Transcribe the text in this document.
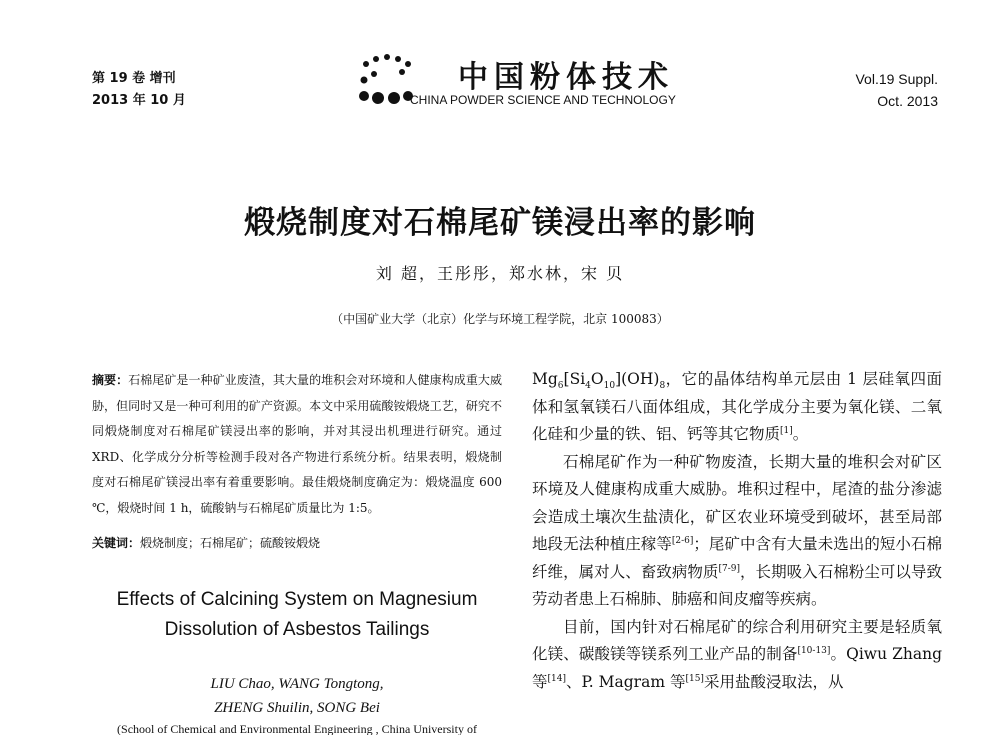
第 19 卷 增刊
2013 年 10 月
中国粉体技术
CHINA POWDER SCIENCE AND TECHNOLOGY
Vol.19 Suppl.
Oct. 2013
煅烧制度对石棉尾矿镁浸出率的影响
刘 超，王彤彤，郑水林，宋 贝
（中国矿业大学（北京）化学与环境工程学院，北京 100083）
摘要：石棉尾矿是一种矿业废渣，其大量的堆积会对环境和人健康构成重大威胁，但同时又是一种可利用的矿产资源。本文中采用硫酸铵煅烧工艺，研究不同煅烧制度对石棉尾矿镁浸出率的影响，并对其浸出机理进行研究。通过 XRD、化学成分分析等检测手段对各产物进行系统分析。结果表明，煅烧制度对石棉尾矿镁浸出率有着重要影响。最佳煅烧制度确定为：煅烧温度 600 ℃，煅烧时间 1 h，硫酸钠与石棉尾矿质量比为 1:5。
关键词：煅烧制度；石棉尾矿；硫酸铵煅烧
Effects of Calcining System on Magnesium
Dissolution of Asbestos Tailings
LIU Chao, WANG Tongtong,
ZHENG Shuilin, SONG Bei
(School of Chemical and Environmental Engineering , China University of

$Mg_6[Si_4O_{10}](OH)_8$，它的晶体结构单元层由 1 层硅氧四面体和氢氧镁石八面体组成，其化学成分主要为氧化镁、二氧化硅和少量的铁、铝、钙等其它物质[1]。

石棉尾矿作为一种矿物废渣，长期大量的堆积会对矿区环境及人健康构成重大威胁。堆积过程中，尾渣的盐分渗滤会造成土壤次生盐渍化，矿区农业环境受到破坏，甚至局部地段无法种植庄稼等[2-6]；尾矿中含有大量未选出的短小石棉纤维，属对人、畜致病物质[7-9]，长期吸入石棉粉尘可以导致劳动者患上石棉肺、肺癌和间皮瘤等疾病。

目前，国内针对石棉尾矿的综合利用研究主要是轻质氧化镁、碳酸镁等镁系列工业产品的制备[10-13]。Qiwu Zhang 等[14]、P. Magram 等[15]采用盐酸浸取法，从
